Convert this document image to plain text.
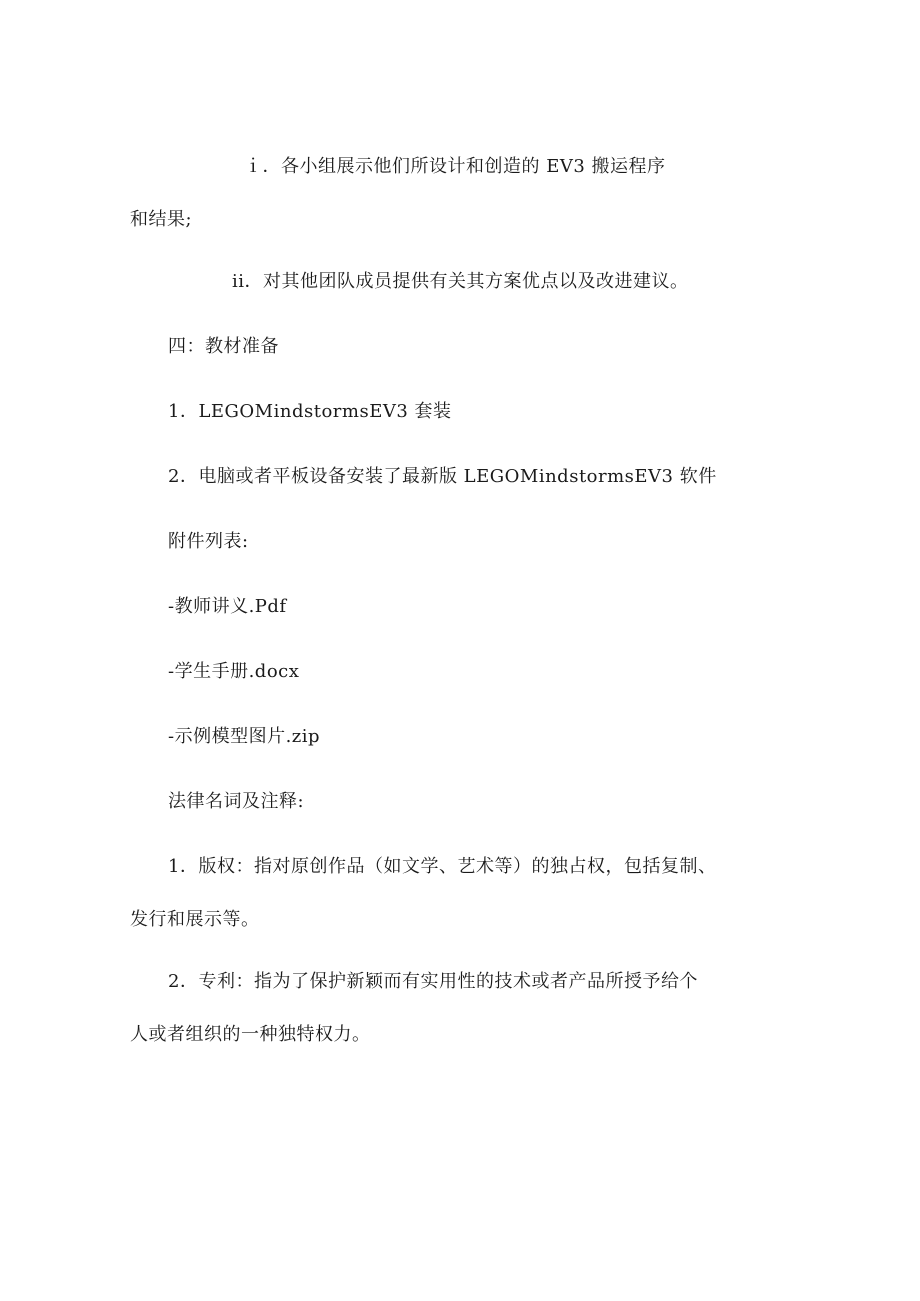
ｉ．各小组展示他们所设计和创造的 EV3 搬运程序
和结果;
ii．对其他团队成员提供有关其方案优点以及改进建议。
四：教材准备
1．LEGOMindstormsEV3 套装
2．电脑或者平板设备安装了最新版 LEGOMindstormsEV3 软件
附件列表:
-教师讲义.Pdf
-学生手册.docx
-示例模型图片.zip
法律名词及注释:
1．版权：指对原创作品（如文学、艺术等）的独占权，包括复制、
发行和展示等。
2．专利：指为了保护新颖而有实用性的技术或者产品所授予给个
人或者组织的一种独特权力。
